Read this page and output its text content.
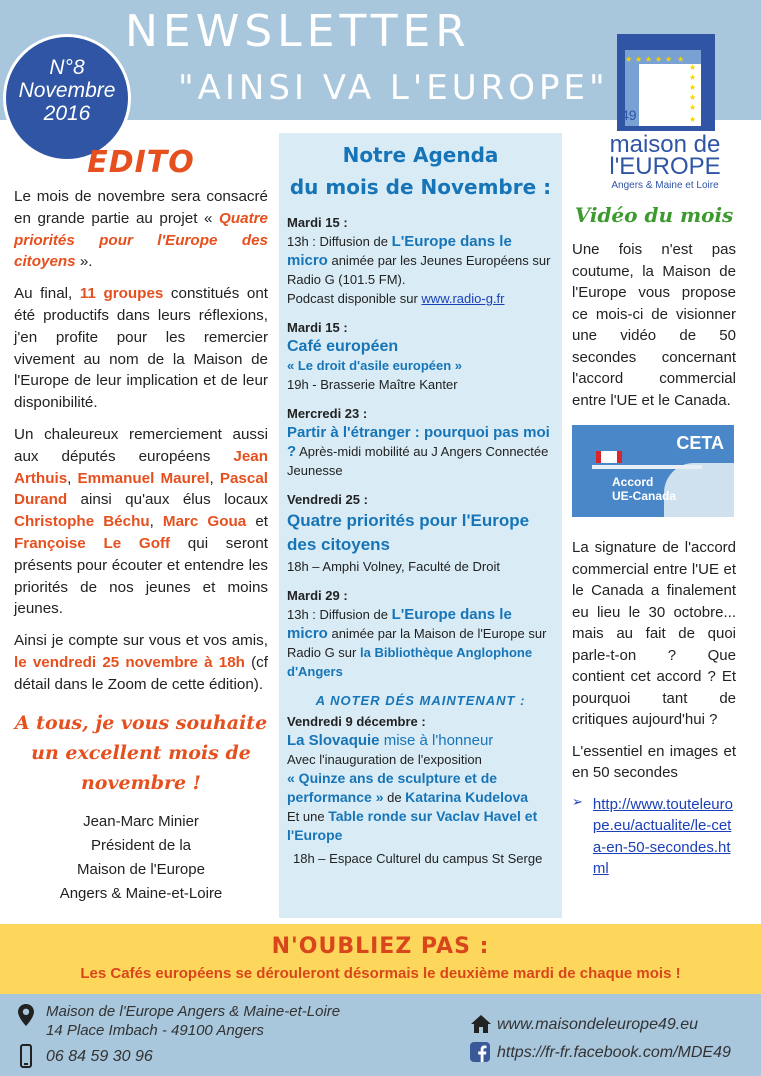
NEWSLETTER
"AINSI VA L'EUROPE"
N°8
Novembre
2016	49
★ ★ ★ ★ ★ ★
★
★
★
★
★
★
maison de
l'EUROPE
Angers & Maine et Loire
EDITO

Le mois de novembre sera consacré en grande partie au projet « Quatre priorités pour l'Europe des citoyens ».

Au final, 11 groupes constitués ont été productifs dans leurs réflexions, j'en profite pour les remercier vivement au nom de la Maison de l'Europe de leur implication et de leur disponibilité.

Un chaleureux remerciement aussi aux députés européens Jean Arthuis, Emmanuel Maurel, Pascal Durand ainsi qu'aux élus locaux Christophe Béchu, Marc Goua et Françoise Le Goff qui seront présents pour écouter et entendre les priorités de nos jeunes et moins jeunes.

Ainsi je compte sur vous et vos amis, le vendredi 25 novembre à 18h (cf détail dans le Zoom de cette édition).

A tous, je vous souhaite un excellent mois de novembre !
Jean-Marc Minier
Président de la
Maison de l'Europe
Angers & Maine-et-Loire
Notre Agenda
du mois de Novembre :
Mardi 15 :
13h : Diffusion de L'Europe dans le micro animée par les Jeunes Européens sur Radio G (101.5 FM).
Podcast disponible sur www.radio-g.fr
Mardi 15 :
Café européen
« Le droit d'asile européen »
19h - Brasserie Maître Kanter
Mercredi 23 :
Partir à l'étranger : pourquoi pas moi ? Après-midi mobilité au J Angers Connectée Jeunesse
Vendredi 25 :
Quatre priorités pour l'Europe des citoyens
18h – Amphi Volney, Faculté de Droit
Mardi 29 :
13h : Diffusion de L'Europe dans le micro animée par la Maison de l'Europe sur Radio G sur la Bibliothèque Anglophone d'Angers
A NOTER DÉS MAINTENANT :
Vendredi 9 décembre :
La Slovaquie mise à l'honneur
Avec l'inauguration de l'exposition
« Quinze ans de sculpture et de performance » de Katarina Kudelova
Et une Table ronde sur Vaclav Havel et l'Europe
18h – Espace Culturel du campus St Serge
Vidéo du mois

Une fois n'est pas coutume, la Maison de l'Europe vous propose ce mois-ci de visionner une vidéo de 50 secondes concernant l'accord commercial entre l'UE et le Canada.

CETA
Accord
UE-Canada

La signature de l'accord commercial entre l'UE et le Canada a finalement eu lieu le 30 octobre... mais au fait de quoi parle-t-on ? Que contient cet accord ? Et pourquoi tant de critiques aujourd'hui ?

L'essentiel en images et en 50 secondes

➢ http://www.touteleurope.eu/actualite/le-ceta-en-50-secondes.html
N'OUBLIEZ PAS :
Les Cafés européens se dérouleront désormais le deuxième mardi de chaque mois !
Maison de l'Europe Angers & Maine-et-Loire
14 Place Imbach - 49100 Angers
06 84 59 30 96
www.maisondeleurope49.eu
https://fr-fr.facebook.com/MDE49
